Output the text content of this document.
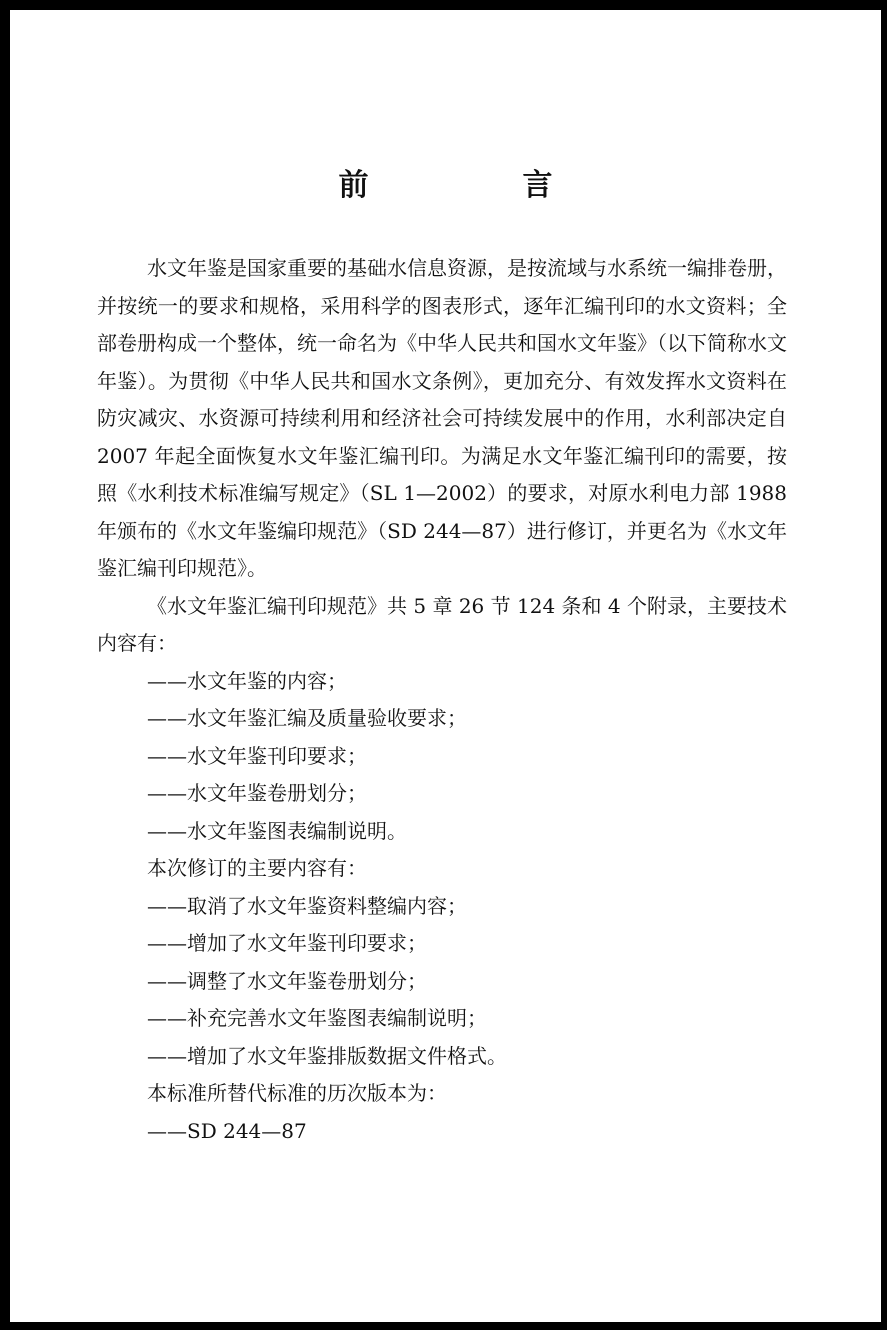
前　言

水文年鉴是国家重要的基础水信息资源，是按流域与水系统一编排卷册，并按统一的要求和规格，采用科学的图表形式，逐年汇编刊印的水文资料；全部卷册构成一个整体，统一命名为《中华人民共和国水文年鉴》（以下简称水文年鉴）。为贯彻《中华人民共和国水文条例》，更加充分、有效发挥水文资料在防灾减灾、水资源可持续利用和经济社会可持续发展中的作用，水利部决定自 2007 年起全面恢复水文年鉴汇编刊印。为满足水文年鉴汇编刊印的需要，按照《水利技术标准编写规定》（SL 1—2002）的要求，对原水利电力部 1988 年颁布的《水文年鉴编印规范》（SD 244—87）进行修订，并更名为《水文年鉴汇编刊印规范》。

《水文年鉴汇编刊印规范》共 5 章 26 节 124 条和 4 个附录，主要技术内容有：

——水文年鉴的内容；

——水文年鉴汇编及质量验收要求；

——水文年鉴刊印要求；

——水文年鉴卷册划分；

——水文年鉴图表编制说明。

本次修订的主要内容有：

——取消了水文年鉴资料整编内容；

——增加了水文年鉴刊印要求；

——调整了水文年鉴卷册划分；

——补充完善水文年鉴图表编制说明；

——增加了水文年鉴排版数据文件格式。

本标准所替代标准的历次版本为：

——SD 244—87
